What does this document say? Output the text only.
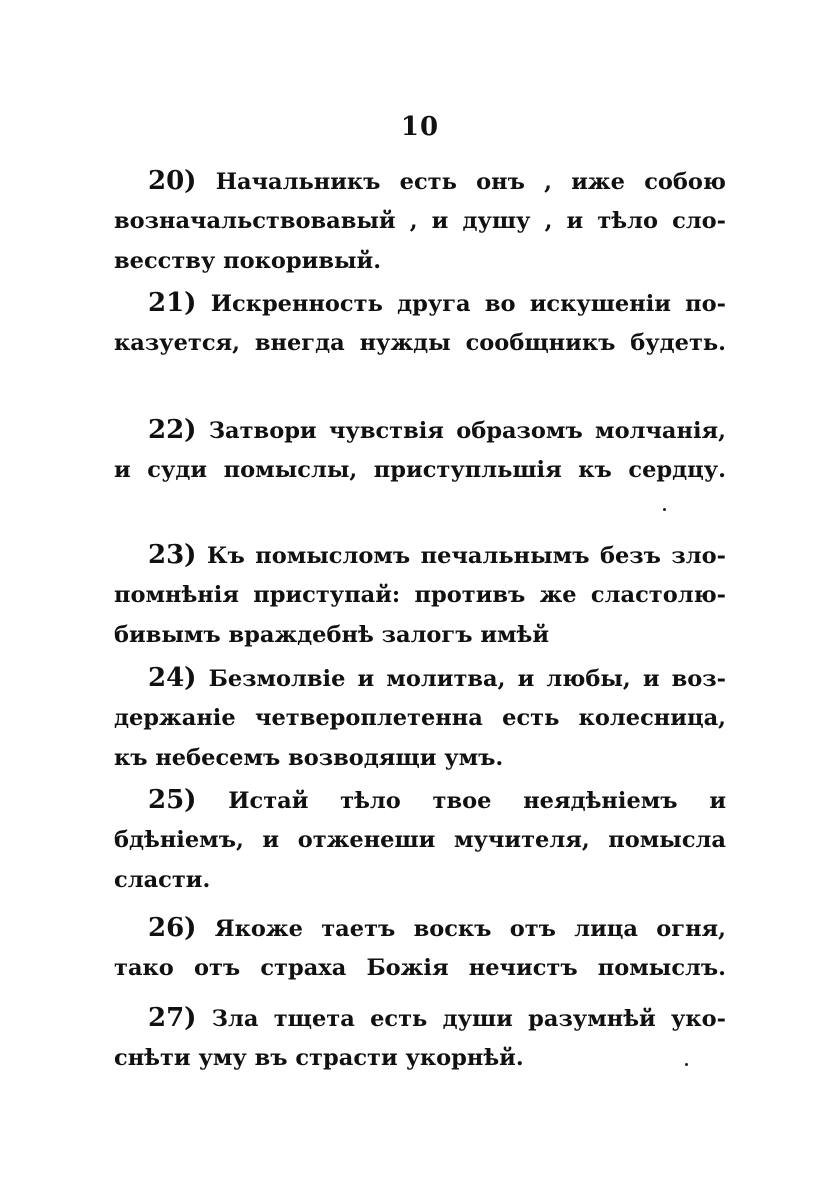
10
20) Начальникъ есть онъ , иже собою
возначальствовавый , и душу , и тѣло сло-
весству покоривый.
21) Искренность друга во искушеніи по-
казуется, внегда нужды сообщникъ будеть.
22) Затвори чувствія образомъ молчанія,
и суди помыслы, приступльшія къ сердцу.
23) Къ помысломъ печальнымъ безъ зло-
помнѣнія приступай: противъ же сластолю-
бивымъ враждебнѣ залогъ имѣй
24) Безмолвіе и молитва, и любы, и воз-
держаніе четвероплетенна есть колесница,
къ небесемъ возводящи умъ.
25) Истай тѣло твое неядѣніемъ и
бдѣніемъ, и отженеши мучителя, помысла
сласти.
26) Якоже таетъ воскъ отъ лица огня,
тако отъ страха Божія нечистъ помыслъ.
27) Зла тщета есть души разумнѣй уко-
снѣти уму въ страсти укорнѣй.
